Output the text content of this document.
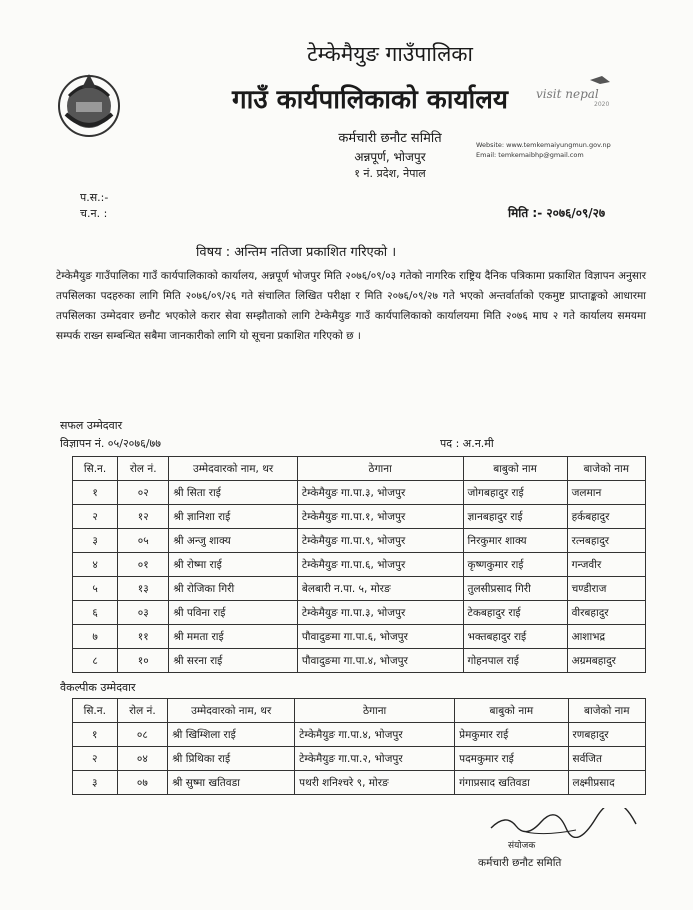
visit nepal
2020
टेम्केमैयुङ गाउँपालिका
गाउँ कार्यपालिकाको कार्यालय
कर्मचारी छनौट समिति
अन्नपूर्ण, भोजपुर
१ नं. प्रदेश, नेपाल
Website: www.temkemaiyungmun.gov.np
Email: temkemaibhp@gmail.com
प.स.:-
च.न. :	मिति :- २०७६/०९/२७
विषय : अन्तिम नतिजा प्रकाशित गरिएको ।
टेम्केमैयुङ गाउँपालिका गाउँ कार्यपालिकाको कार्यालय, अन्नपूर्ण भोजपुर मिति २०७६/०९/०३ गतेको नागरिक राष्ट्रिय दैनिक पत्रिकामा प्रकाशित विज्ञापन अनुसार तपसिलका पदहरुका लागि मिति २०७६/०९/२६ गते संचालित लिखित परीक्षा र मिति २०७६/०९/२७ गते भएको अन्तर्वार्ताको एकमुष्ट प्राप्ताङ्कको आधारमा तपसिलका उम्मेदवार छनौट भएकोले करार सेवा सम्झौताको लागि टेम्केमैयुङ गाउँ कार्यपालिकाको कार्यालयमा मिति २०७६ माघ २ गते कार्यालय समयमा सम्पर्क राख्न सम्बन्धित सबैमा जानकारीको लागि यो सूचना प्रकाशित गरिएको छ ।
सफल उम्मेदवार
विज्ञापन नं. ०५/२०७६/७७	पद : अ.न.मी
सि.न.	रोल नं.	उम्मेदवारको नाम, थर	ठेगाना	बाबुको नाम	बाजेको नाम
१	०२	श्री सिता राई	टेम्केमैयुङ गा.पा.३, भोजपुर	जोगबहादुर राई	जलमान
२	१२	श्री ज्ञानिशा राई	टेम्केमैयुङ गा.पा.१, भोजपुर	ज्ञानबहादुर राई	हर्कबहादुर
३	०५	श्री अन्जु शाक्य	टेम्केमैयुङ गा.पा.९, भोजपुर	निरकुमार शाक्य	रत्नबहादुर
४	०१	श्री रोष्मा राई	टेम्केमैयुङ गा.पा.६, भोजपुर	कृष्णकुमार राई	गन्जवीर
५	१३	श्री रोजिका गिरी	बेलबारी न.पा. ५, मोरङ	तुलसीप्रसाद गिरी	चण्डीराज
६	०३	श्री पविना राई	टेम्केमैयुङ गा.पा.३, भोजपुर	टेकबहादुर राई	वीरबहादुर
७	११	श्री ममता राई	पौवादुङमा गा.पा.६, भोजपुर	भक्तबहादुर राई	आशाभद्र
८	१०	श्री सरना राई	पौवादुङमा गा.पा.४, भोजपुर	गोहनपाल राई	अग्रमबहादुर
वैकल्पीक उम्मेदवार
सि.न.	रोल नं.	उम्मेदवारको नाम, थर	ठेगाना	बाबुको नाम	बाजेको नाम
१	०८	श्री खिम्शिला राई	टेम्केमैयुङ गा.पा.४, भोजपुर	प्रेमकुमार राई	रणबहादुर
२	०४	श्री प्रिथिका राई	टेम्केमैयुङ गा.पा.२, भोजपुर	पदमकुमार राई	सर्वजित
३	०७	श्री सुष्मा खतिवडा	पथरी शनिश्चरे ९, मोरङ	गंगाप्रसाद खतिवडा	लक्ष्मीप्रसाद
संयोजक
कर्मचारी छनौट समिति
